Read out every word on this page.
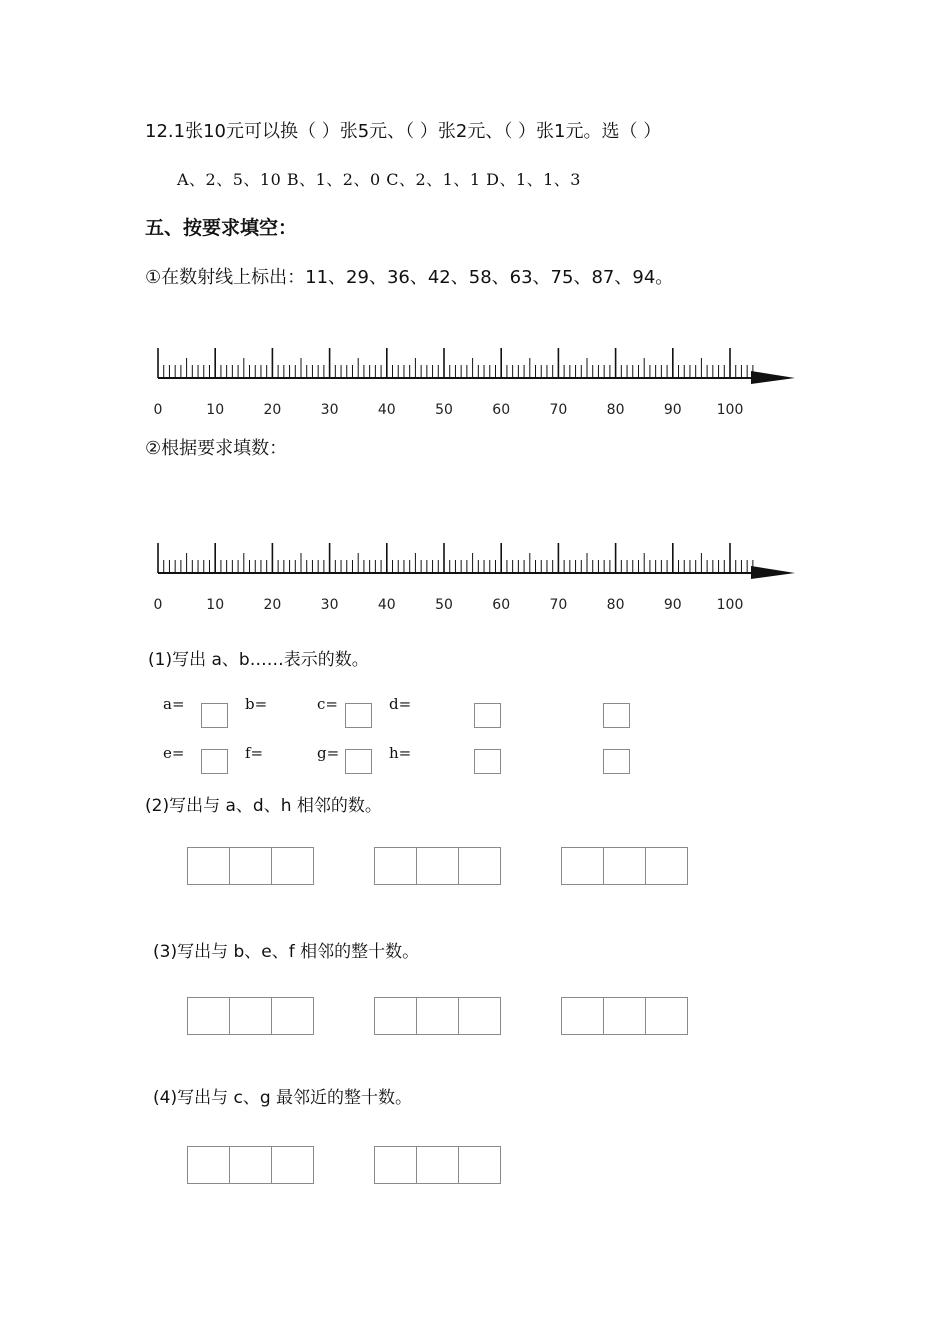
12.1张10元可以换（ ）张5元、（ ）张2元、（ ）张1元。选（ ）
A、2、5、10 B、1、2、0 C、2、1、1 D、1、1、3
五、按要求填空：
①在数射线上标出：11、29、36、42、58、63、75、87、94。
0	10	20	30	40	50	60	70	80	90 100
②根据要求填数：
0	10	20	30	40	50	60	70	80	90 100
(1)写出 a、b……表示的数。
a=	b=	c=	d=
e=	f=	g=	h=
(2)写出与 a、d、h 相邻的数。
(3)写出与 b、e、f 相邻的整十数。
(4)写出与 c、g 最邻近的整十数。
